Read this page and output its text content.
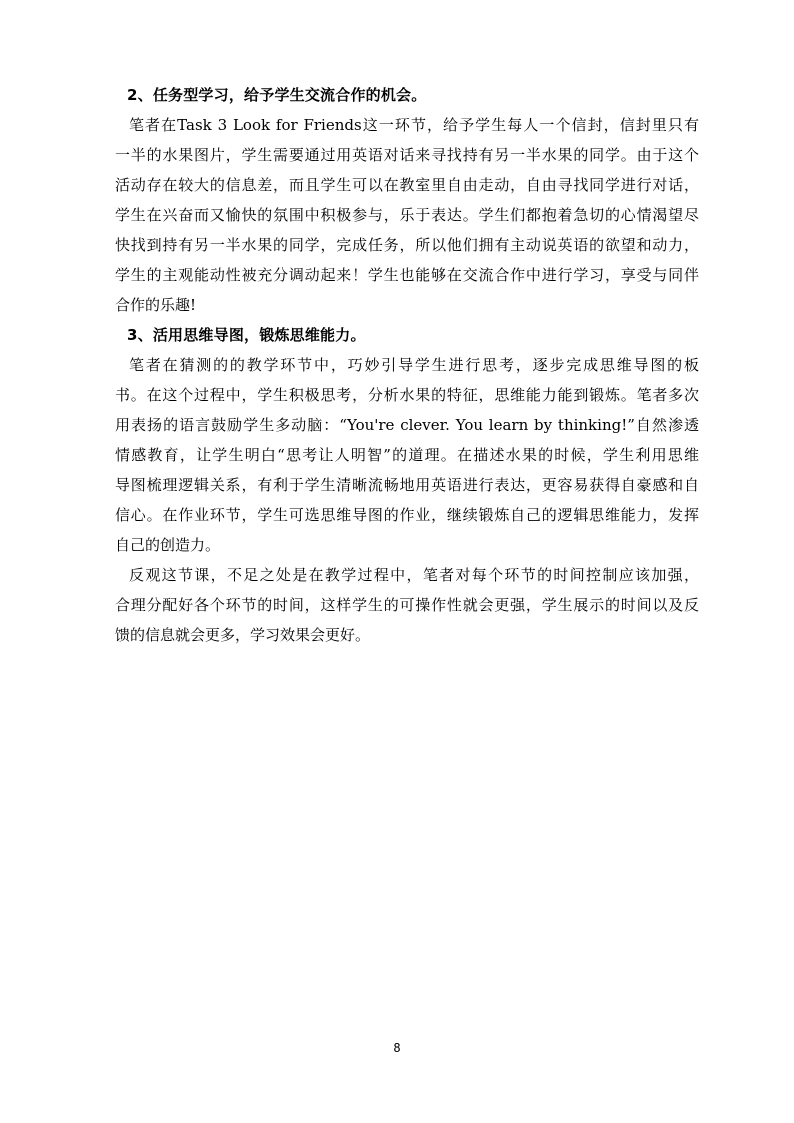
2、任务型学习，给予学生交流合作的机会。
笔者在Task 3 Look for Friends这一环节，给予学生每人一个信封，信封里只有
一半的水果图片，学生需要通过用英语对话来寻找持有另一半水果的同学。由于这个
活动存在较大的信息差，而且学生可以在教室里自由走动，自由寻找同学进行对话，
学生在兴奋而又愉快的氛围中积极参与，乐于表达。学生们都抱着急切的心情渴望尽
快找到持有另一半水果的同学，完成任务，所以他们拥有主动说英语的欲望和动力，
学生的主观能动性被充分调动起来！学生也能够在交流合作中进行学习，享受与同伴
合作的乐趣!
3、活用思维导图，锻炼思维能力。
笔者在猜测的的教学环节中，巧妙引导学生进行思考，逐步完成思维导图的板
书。在这个过程中，学生积极思考，分析水果的特征，思维能力能到锻炼。笔者多次
用表扬的语言鼓励学生多动脑：“You're clever. You learn by thinking!”自然渗透
情感教育，让学生明白“思考让人明智”的道理。在描述水果的时候，学生利用思维
导图梳理逻辑关系，有利于学生清晰流畅地用英语进行表达，更容易获得自豪感和自
信心。在作业环节，学生可选思维导图的作业，继续锻炼自己的逻辑思维能力，发挥
自己的创造力。
反观这节课，不足之处是在教学过程中，笔者对每个环节的时间控制应该加强，
合理分配好各个环节的时间，这样学生的可操作性就会更强，学生展示的时间以及反
馈的信息就会更多，学习效果会更好。
8
